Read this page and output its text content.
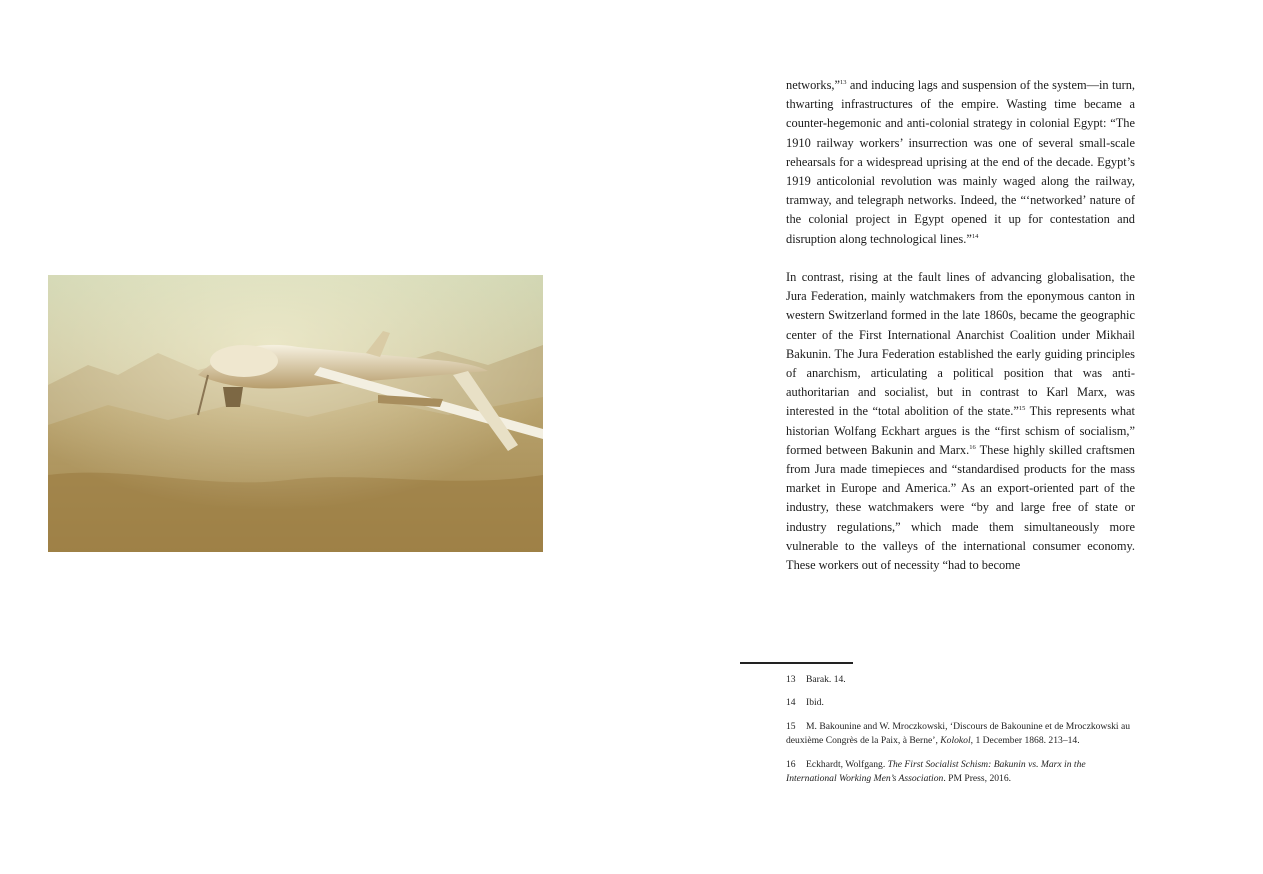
networks,”$^{13}$ and inducing lags and suspension of the system—in turn, thwarting infrastructures of the empire. Wasting time became a counter-hegemonic and anti-colonial strategy in colonial Egypt: “The 1910 railway workers’ insurrection was one of several small-scale rehearsals for a widespread uprising at the end of the decade. Egypt’s 1919 anticolonial revolution was mainly waged along the railway, tramway, and telegraph networks. Indeed, the “‘networked’ nature of the colonial project in Egypt opened it up for contestation and disruption along technological lines.”$^{14}$

In contrast, rising at the fault lines of advancing globalisation, the Jura Federation, mainly watchmakers from the eponymous canton in western Switzerland formed in the late 1860s, became the geographic center of the First International Anarchist Coalition under Mikhail Bakunin. The Jura Federation established the early guiding principles of anarchism, articulating a political position that was anti-authoritarian and socialist, but in contrast to Karl Marx, was interested in the “total abolition of the state.”$^{15}$ This represents what historian Wolfang Eckhart argues is the “first schism of socialism,” formed between Bakunin and Marx.$^{16}$ These highly skilled craftsmen from Jura made timepieces and “standardised products for the mass market in Europe and America.” As an export-oriented part of the industry, these watchmakers were “by and large free of state or industry regulations,” which made them simultaneously more vulnerable to the valleys of the international consumer economy. These workers out of necessity “had to become

13 Barak. 14.

14 Ibid.

15 M. Bakounine and W. Mroczkowski, ‘Discours de Bakounine et de Mroczkowski au deuxième Congrès de la Paix, à Berne’, Kolokol, 1 December 1868. 213–14.

16 Eckhardt, Wolfgang. The First Socialist Schism: Bakunin vs. Marx in the International Working Men’s Association. PM Press, 2016.
